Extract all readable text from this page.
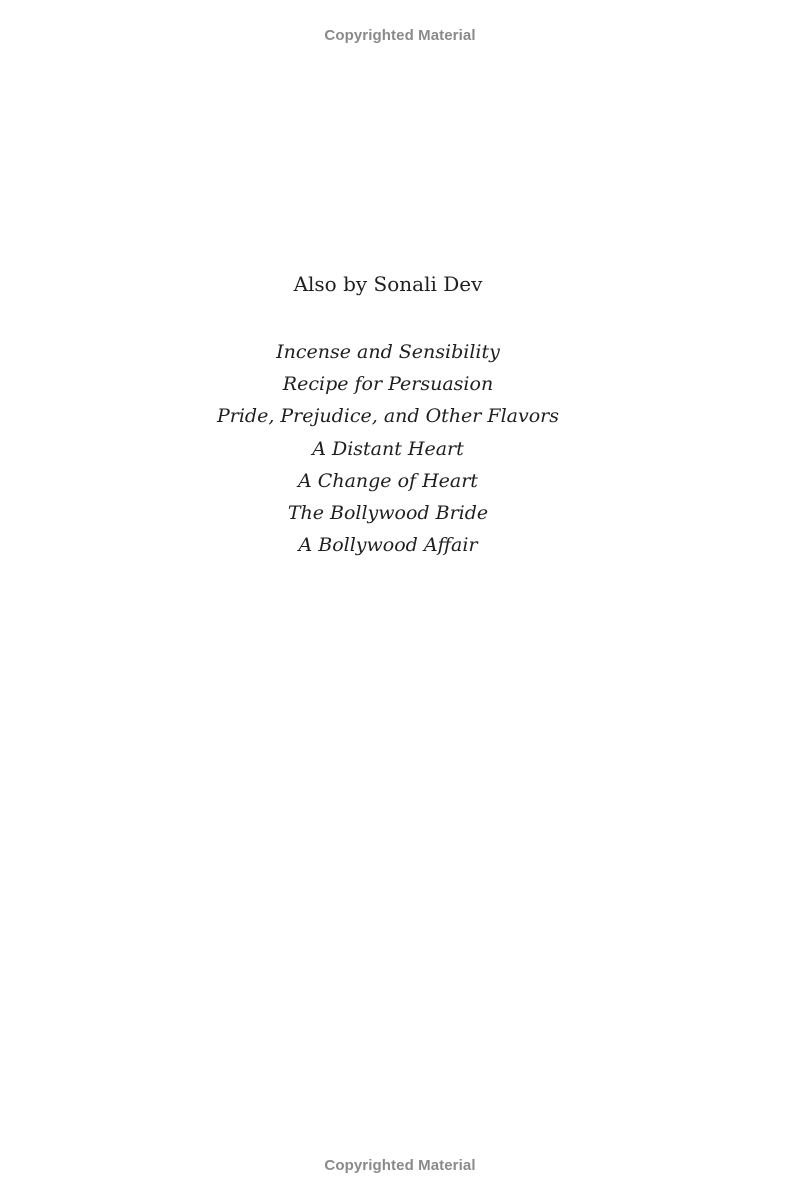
Copyrighted Material
Also by Sonali Dev
Incense and Sensibility
Recipe for Persuasion
Pride, Prejudice, and Other Flavors
A Distant Heart
A Change of Heart
The Bollywood Bride
A Bollywood Affair
Copyrighted Material
